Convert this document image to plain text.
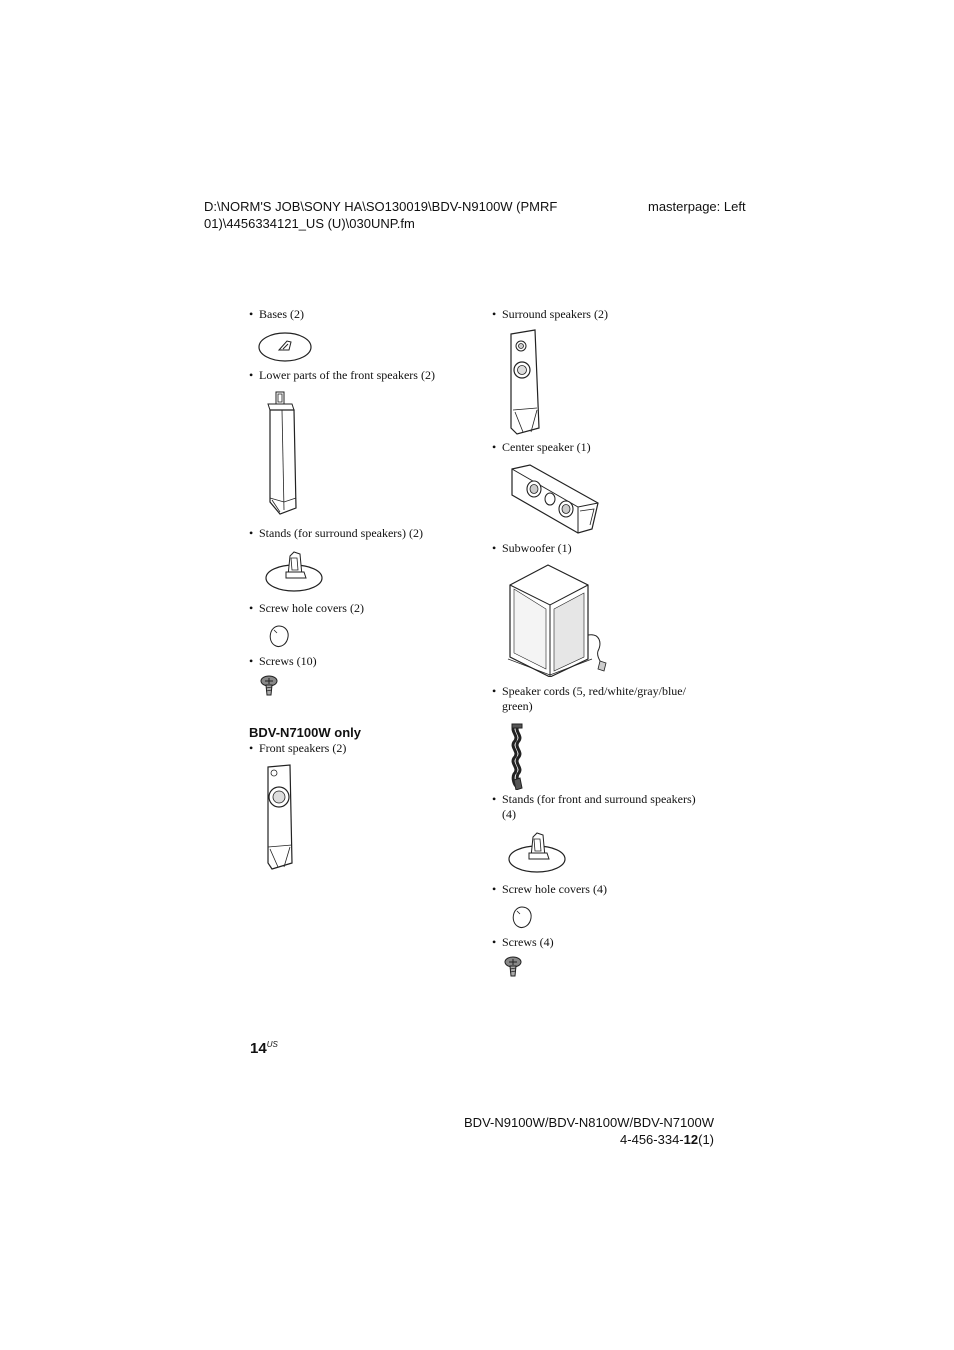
D:\NORM'S JOB\SONY HA\SO130019\BDV-N9100W (PMRF
01)\4456334121_US (U)\030UNP.fm
masterpage: Left
• Bases (2)
• Lower parts of the front speakers (2)
• Stands (for surround speakers) (2)
• Screw hole covers (2)
• Screws (10)
BDV-N7100W only
• Front speakers (2)
• Surround speakers (2)
• Center speaker (1)
• Subwoofer (1)
• Speaker cords (5, red/white/gray/blue/
green)
• Stands (for front and surround speakers)
(4)
• Screw hole covers (4)
• Screws (4)
$14^{US}$
BDV-N9100W/BDV-N8100W/BDV-N7100W
4-456-334-12(1)
